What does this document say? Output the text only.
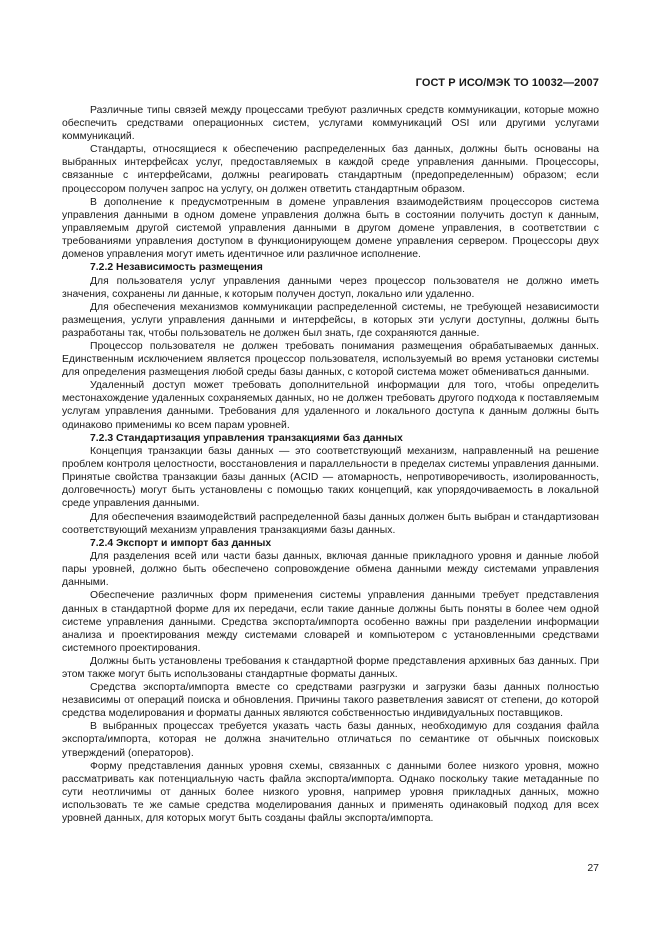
ГОСТ Р ИСО/МЭК ТО 10032—2007

Различные типы связей между процессами требуют различных средств коммуникации, которые можно обеспечить средствами операционных систем, услугами коммуникаций OSI или другими услугами коммуникаций.

Стандарты, относящиеся к обеспечению распределенных баз данных, должны быть основаны на выбранных интерфейсах услуг, предоставляемых в каждой среде управления данными. Процессоры, связанные с интерфейсами, должны реагировать стандартным (предопределенным) образом; если процессором получен запрос на услугу, он должен ответить стандартным образом.

В дополнение к предусмотренным в домене управления взаимодействиям процессоров система управления данными в одном домене управления должна быть в состоянии получить доступ к данным, управляемым другой системой управления данными в другом домене управления, в соответствии с требованиями управления доступом в функционирующем домене управления сервером. Процессоры двух доменов управления могут иметь идентичное или различное исполнение.

7.2.2 Независимость размещения

Для пользователя услуг управления данными через процессор пользователя не должно иметь значения, сохранены ли данные, к которым получен доступ, локально или удаленно.

Для обеспечения механизмов коммуникации распределенной системы, не требующей независимости размещения, услуги управления данными и интерфейсы, в которых эти услуги доступны, должны быть разработаны так, чтобы пользователь не должен был знать, где сохраняются данные.

Процессор пользователя не должен требовать понимания размещения обрабатываемых данных. Единственным исключением является процессор пользователя, используемый во время установки системы для определения размещения любой среды базы данных, с которой система может обмениваться данными.

Удаленный доступ может требовать дополнительной информации для того, чтобы определить местонахождение удаленных сохраняемых данных, но не должен требовать другого подхода к поставляемым услугам управления данными. Требования для удаленного и локального доступа к данным должны быть одинаково применимы ко всем парам уровней.

7.2.3 Стандартизация управления транзакциями баз данных

Концепция транзакции базы данных — это соответствующий механизм, направленный на решение проблем контроля целостности, восстановления и параллельности в пределах системы управления данными. Принятые свойства транзакции базы данных (ACID — атомарность, непротиворечивость, изолированность, долговечность) могут быть установлены с помощью таких концепций, как упорядочиваемость в локальной среде управления данными.

Для обеспечения взаимодействий распределенной базы данных должен быть выбран и стандартизован соответствующий механизм управления транзакциями базы данных.

7.2.4 Экспорт и импорт баз данных

Для разделения всей или части базы данных, включая данные прикладного уровня и данные любой пары уровней, должно быть обеспечено сопровождение обмена данными между системами управления данными.

Обеспечение различных форм применения системы управления данными требует представления данных в стандартной форме для их передачи, если такие данные должны быть поняты в более чем одной системе управления данными. Средства экспорта/импорта особенно важны при разделении информации анализа и проектирования между системами словарей и компьютером с установленными средствами системного проектирования.

Должны быть установлены требования к стандартной форме представления архивных баз данных. При этом также могут быть использованы стандартные форматы данных.

Средства экспорта/импорта вместе со средствами разгрузки и загрузки базы данных полностью независимы от операций поиска и обновления. Причины такого разветвления зависят от степени, до которой средства моделирования и форматы данных являются собственностью индивидуальных поставщиков.

В выбранных процессах требуется указать часть базы данных, необходимую для создания файла экспорта/импорта, которая не должна значительно отличаться по семантике от обычных поисковых утверждений (операторов).

Форму представления данных уровня схемы, связанных с данными более низкого уровня, можно рассматривать как потенциальную часть файла экспорта/импорта. Однако поскольку такие метаданные по сути неотличимы от данных более низкого уровня, например уровня прикладных данных, можно использовать те же самые средства моделирования данных и применять одинаковый подход для всех уровней данных, для которых могут быть созданы файлы экспорта/импорта.

27
